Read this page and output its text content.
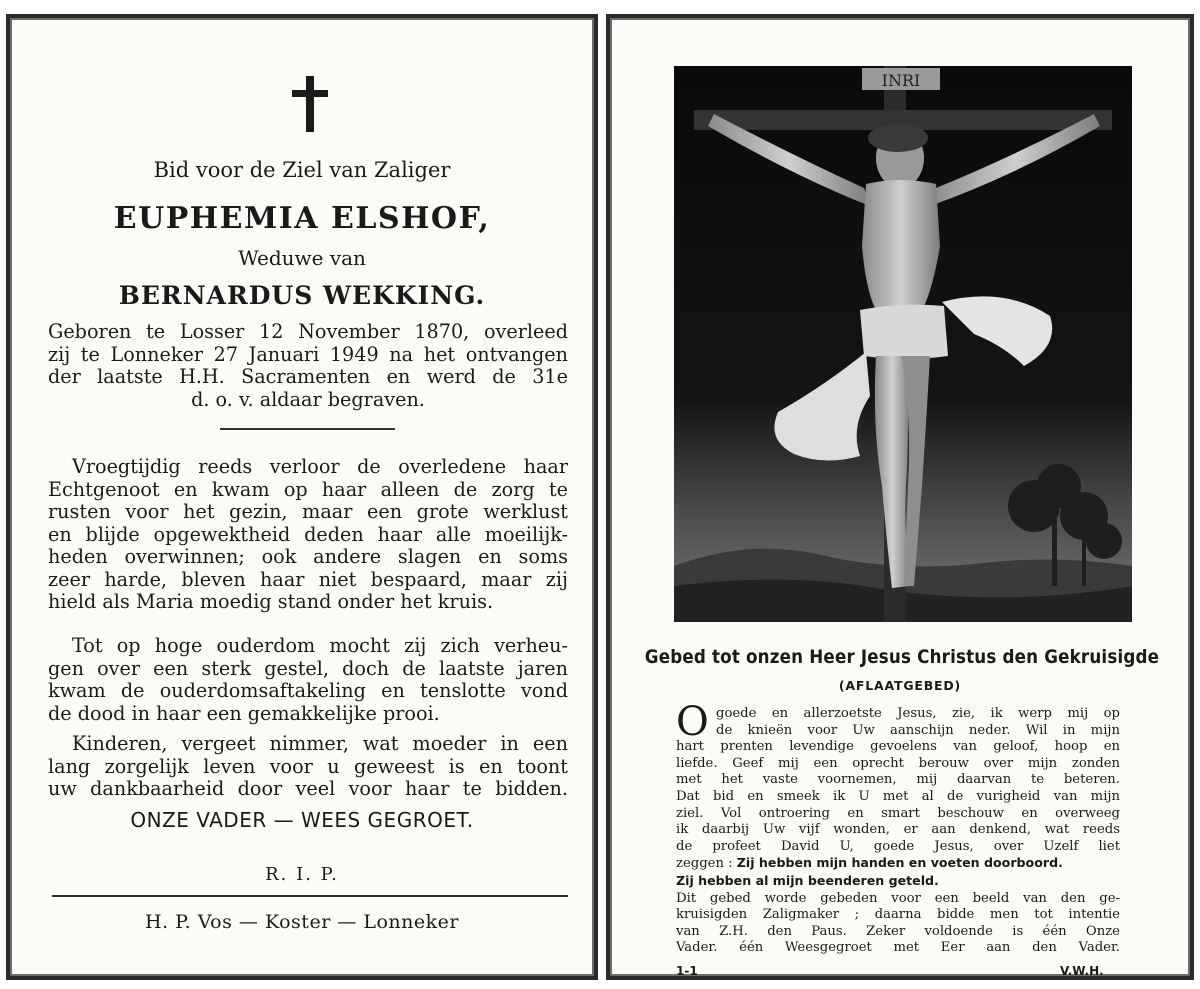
Bid voor de Ziel van Zaliger
EUPHEMIA ELSHOF,
Weduwe van
BERNARDUS WEKKING.
Geboren te Losser 12 November 1870, overleed
zij te Lonneker 27 Januari 1949 na het ontvangen
der laatste H.H. Sacramenten en werd de 31e
d. o. v. aldaar begraven.
Vroegtijdig reeds verloor de overledene haar
Echtgenoot en kwam op haar alleen de zorg te
rusten voor het gezin, maar een grote werklust
en blijde opgewektheid deden haar alle moeilijk-
heden overwinnen; ook andere slagen en soms
zeer harde, bleven haar niet bespaard, maar zij
hield als Maria moedig stand onder het kruis.
Tot op hoge ouderdom mocht zij zich verheu-
gen over een sterk gestel, doch de laatste jaren
kwam de ouderdomsaftakeling en tenslotte vond
de dood in haar een gemakkelijke prooi.
Kinderen, vergeet nimmer, wat moeder in een
lang zorgelijk leven voor u geweest is en toont
uw dankbaarheid door veel voor haar te bidden.
ONZE VADER — WEES GEGROET.
R. I. P.
H. P. Vos — Koster — Lonneker
INRI
Gebed tot onzen Heer Jesus Christus den Gekruisigde
(AFLAATGEBED)
O goede en allerzoetste Jesus, zie, ik werp mij op
de knieën voor Uw aanschijn neder. Wil in mijn
hart prenten levendige gevoelens van geloof, hoop en
liefde. Geef mij een oprecht berouw over mijn zonden
met het vaste voornemen, mij daarvan te beteren.
Dat bid en smeek ik U met al de vurigheid van mijn
ziel. Vol ontroering en smart beschouw en overweeg
ik daarbij Uw vijf wonden, er aan denkend, wat reeds
de profeet David U, goede Jesus, over Uzelf liet
zeggen : Zij hebben mijn handen en voeten doorboord.
Zij hebben al mijn beenderen geteld.
Dit gebed worde gebeden voor een beeld van den ge-
kruisigden Zaligmaker ; daarna bidde men tot intentie
van Z.H. den Paus. Zeker voldoende is één Onze
Vader. één Weesgegroet met Eer aan den Vader.
1-1	V.W.H.
